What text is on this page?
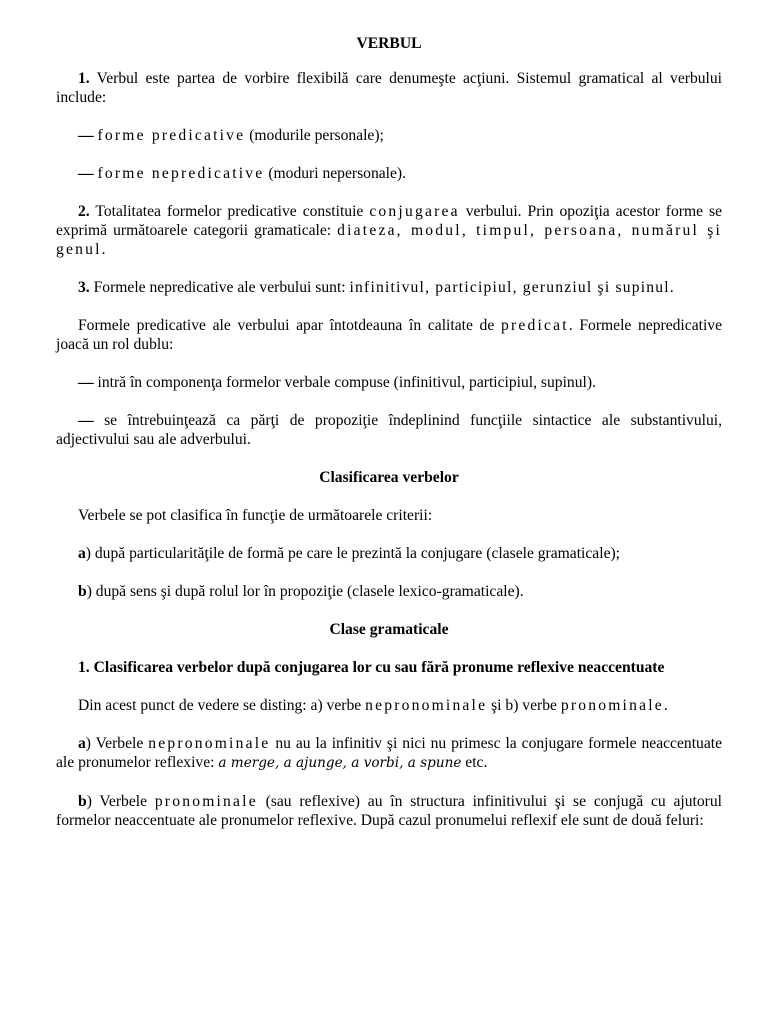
VERBUL

1. Verbul este partea de vorbire flexibilă care denumeşte acţiuni. Sistemul gramatical al verbului include:

— forme predicative (modurile personale);

— forme nepredicative (moduri nepersonale).

2. Totalitatea formelor predicative constituie conjugarea verbului. Prin opoziţia acestor forme se exprimă următoarele categorii gramaticale: diateza, modul, timpul, persoana, numărul şi genul.

3. Formele nepredicative ale verbului sunt: infinitivul, participiul, gerunziul şi supinul.

Formele predicative ale verbului apar întotdeauna în calitate de predicat. Formele nepredicative joacă un rol dublu:

— intră în componenţa formelor verbale compuse (infinitivul, participiul, supinul).

— se întrebuinţează ca părţi de propoziţie îndeplinind funcţiile sintactice ale substantivului, adjectivului sau ale adverbului.

Clasificarea verbelor

Verbele se pot clasifica în funcţie de următoarele criterii:

a) după particularităţile de formă pe care le prezintă la conjugare (clasele gramaticale);

b) după sens şi după rolul lor în propoziţie (clasele lexico-gramaticale).

Clase gramaticale

1. Clasificarea verbelor după conjugarea lor cu sau fără pronume reflexive neaccentuate

Din acest punct de vedere se disting: a) verbe nepronominale şi b) verbe pronominale.

a) Verbele nepronominale nu au la infinitiv şi nici nu primesc la conjugare formele neaccentuate ale pronumelor reflexive: a merge, a ajunge, a vorbi, a spune etc.

b) Verbele pronominale (sau reflexive) au în structura infinitivului şi se conjugă cu ajutorul formelor neaccentuate ale pronumelor reflexive. După cazul pronumelui reflexif ele sunt de două feluri:
